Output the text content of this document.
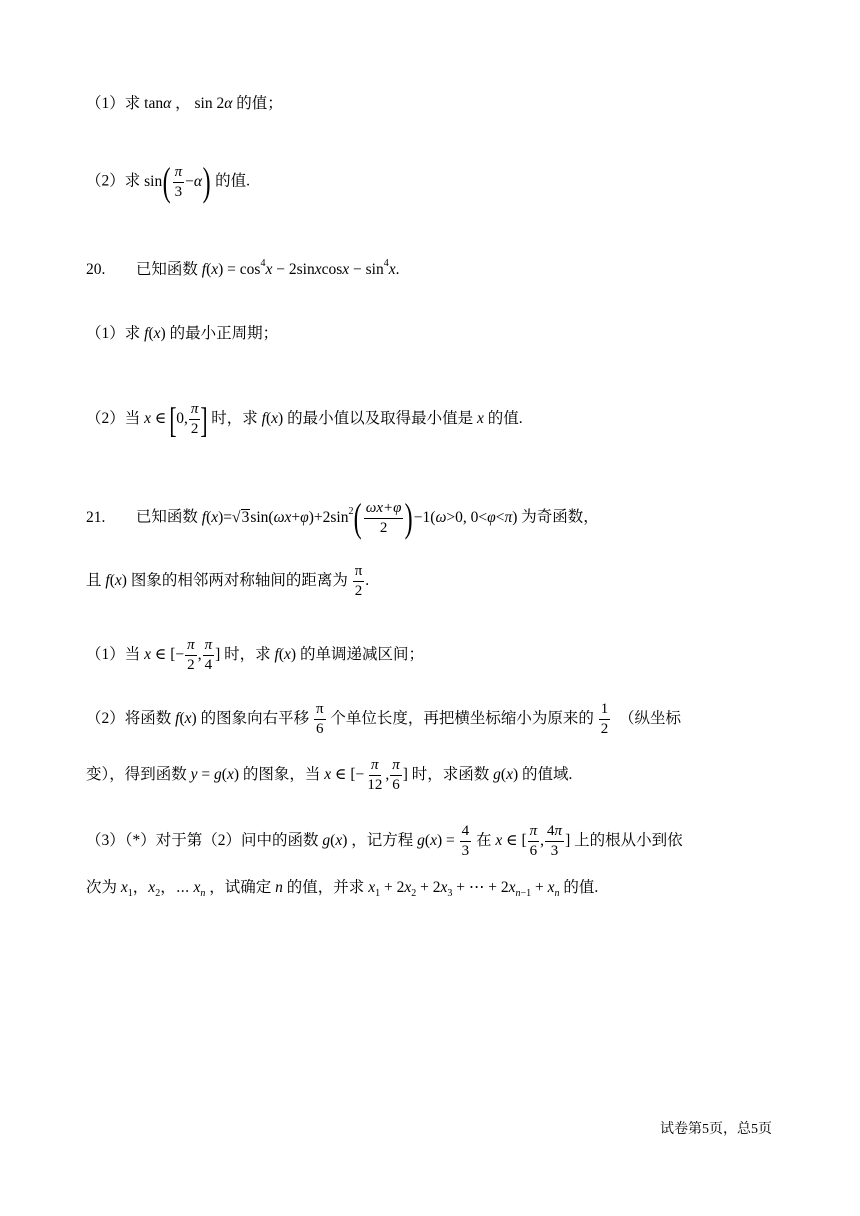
（1）求 tanα ， sin 2α 的值；
（2）求 $\sin( \frac{\pi}{3} -\alpha)$ 的值.
20. 已知函数 $f(x) = \cos^4x$ − 2sinxcosx − $\sin^4x$.
（1）求 f(x) 的最小正周期；
（2）当 x ∈ [0, $\frac{\pi}{2}$ ] 时，求 f(x) 的最小值以及取得最小值是 x 的值.
21. 已知函数 $f(x)=√3\sin(\omega x+\varphi)+2\sin^2( \frac{\omega x+\varphi}{2} )-1(\omega>0$, 0<φ<π) 为奇函数，
且 f(x) 图象的相邻两对称轴间的距离为 $\frac{\pi}{2}$ .
（1）当 x ∈ [− $\frac{\pi}{2}$ , $\frac{\pi}{4}$ ] 时，求 f(x) 的单调递减区间；
（2）将函数 f(x) 的图象向右平移 $\frac{\pi}{6}$ 个单位长度，再把横坐标缩小为原来的 $\frac{1}{2}$ （纵坐标
变），得到函数 y = g(x) 的图象，当 x ∈ [− $\frac{\pi}{12}$ , $\frac{\pi}{6}$ ] 时，求函数 g(x) 的值域.
（3）（*）对于第（2）问中的函数 g(x) ，记方程 $g(x) = \frac{4}{3}$ 在 x ∈ [ $\frac{\pi}{6}$ , $\frac{4\pi}{3}$ ] 上的根从小到依
次为 $x_1$，$x_2$，⋯ $x_n$ ，试确定 n 的值，并求 $x_1 + 2x_2 + 2x_3$ + ⋯ + $2x_{n-1} + x_n$ 的值.
试卷第5页，总5页
